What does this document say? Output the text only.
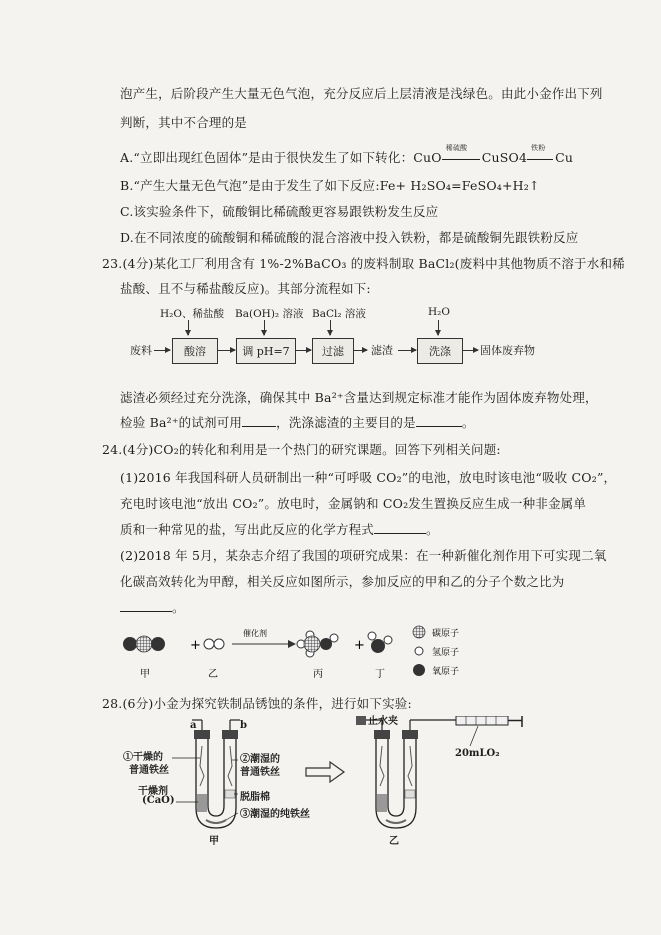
泡产生，后阶段产生大量无色气泡，充分反应后上层清液是浅绿色。由此小金作出下列
判断，其中不合理的是
A.“立即出现红色固体”是由于很快发生了如下转化：CuO
稀硫酸
CuSO4
铁粉
Cu
B.“产生大量无色气泡”是由于发生了如下反应:Fe+ H₂SO₄=FeSO₄+H₂↑
C.该实验条件下，硫酸铜比稀硫酸更容易跟铁粉发生反应
D.在不同浓度的硫酸铜和稀硫酸的混合溶液中投入铁粉，都是硫酸铜先跟铁粉反应
23.(4分)某化工厂利用含有 1%-2%BaCO₃ 的废料制取 BaCl₂(废料中其他物质不溶于水和稀
盐酸、且不与稀盐酸反应)。其部分流程如下:
H₂O、稀盐酸 Ba(OH)₂ 溶液 BaCl₂ 溶液	H₂O
废料	酸溶	调 pH=7	过滤	滤渣	洗涤	固体废弃物
滤渣必须经过充分洗涤，确保其中 Ba²⁺含量达到规定标准才能作为固体废弃物处理，
检验 Ba²⁺的试剂可用	，洗涤滤渣的主要目的是	。
24.(4分)CO₂的转化和利用是一个热门的研究课题。回答下列相关问题:
(1)2016 年我国科研人员研制出一种“可呼吸 CO₂”的电池，放电时该电池“吸收 CO₂”，
充电时该电池“放出 CO₂”。放电时，金属钠和 CO₂发生置换反应生成一种非金属单
质和一种常见的盐，写出此反应的化学方程式	。
(2)2018 年 5月，某杂志介绍了我国的项研究成果：在一种新催化剂作用下可实现二氧
化碳高效转化为甲醇，相关反应如图所示，参加反应的甲和乙的分子个数之比为
。
+
催化剂
+
碳原子
氢原子
氧原子
甲	乙	丙	丁
28.(6分)小金为探究铁制品锈蚀的条件，进行如下实验:
a	b
①干燥的
普通铁丝
②潮湿的
普通铁丝
干燥剂
(CaO)	脱脂棉
③潮湿的纯铁丝
止水夹
20mLO₂
甲	乙
